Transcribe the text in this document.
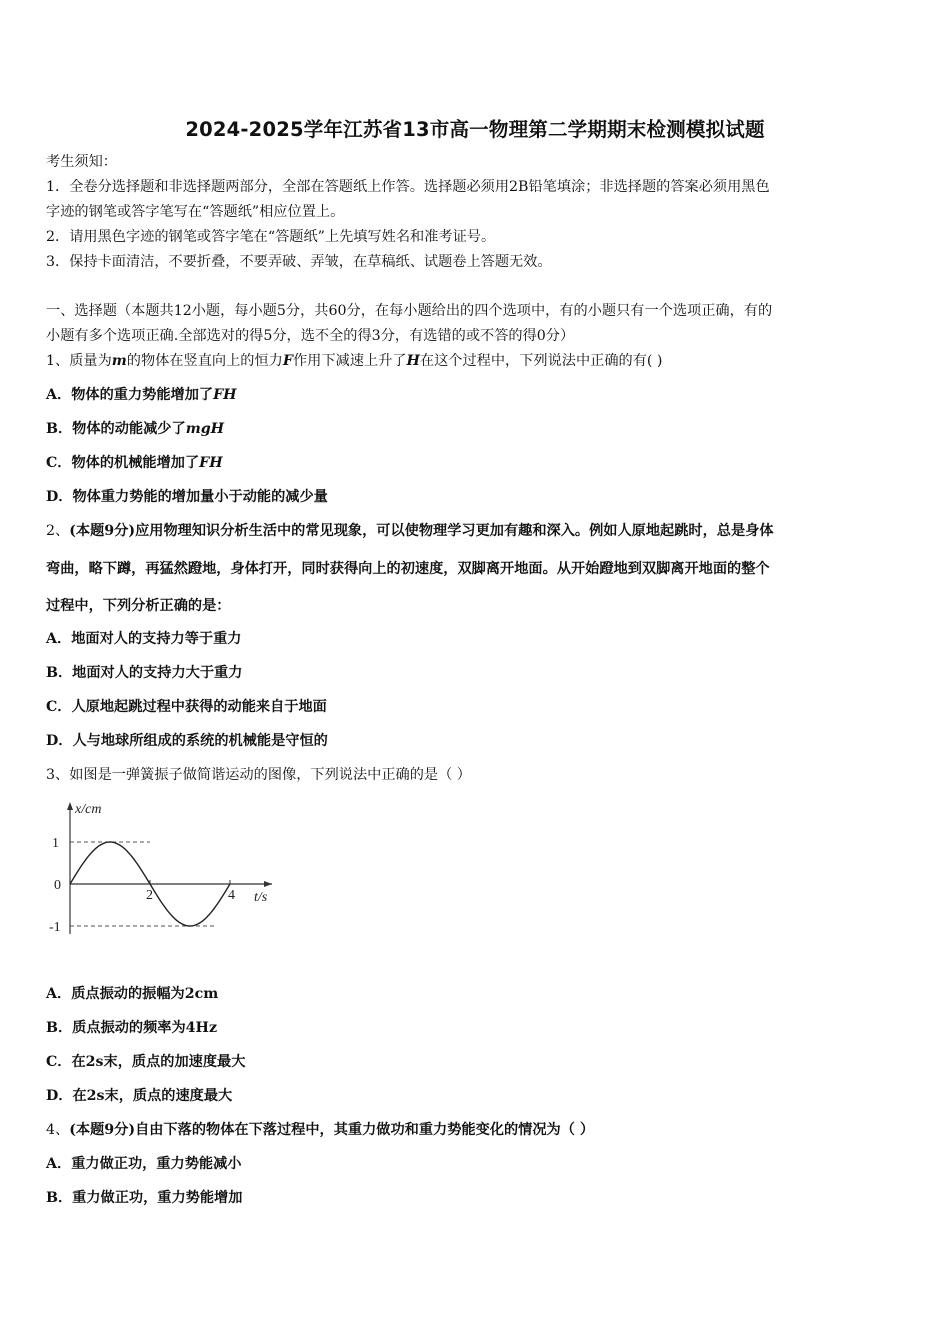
2024-2025学年江苏省13市高一物理第二学期期末检测模拟试题
考生须知：
1．全卷分选择题和非选择题两部分，全部在答题纸上作答。选择题必须用2B铅笔填涂；非选择题的答案必须用黑色
字迹的钢笔或答字笔写在“答题纸”相应位置上。
2．请用黑色字迹的钢笔或答字笔在“答题纸”上先填写姓名和准考证号。
3．保持卡面清洁，不要折叠，不要弄破、弄皱，在草稿纸、试题卷上答题无效。
一、选择题（本题共12小题，每小题5分，共60分，在每小题给出的四个选项中，有的小题只有一个选项正确，有的
小题有多个选项正确.全部选对的得5分，选不全的得3分，有选错的或不答的得0分）
1、质量为m的物体在竖直向上的恒力F作用下减速上升了H在这个过程中，下列说法中正确的有( )
A．物体的重力势能增加了FH
B．物体的动能减少了mgH
C．物体的机械能增加了FH
D．物体重力势能的增加量小于动能的减少量
2、(本题9分)应用物理知识分析生活中的常见现象，可以使物理学习更加有趣和深入。例如人原地起跳时，总是身体
弯曲，略下蹲，再猛然蹬地，身体打开，同时获得向上的初速度，双脚离开地面。从开始蹬地到双脚离开地面的整个
过程中，下列分析正确的是：
A．地面对人的支持力等于重力
B．地面对人的支持力大于重力
C．人原地起跳过程中获得的动能来自于地面
D．人与地球所组成的系统的机械能是守恒的
3、如图是一弹簧振子做简谐运动的图像，下列说法中正确的是（ ）
2	4
1
0
-1
x/cm
t/s
A．质点振动的振幅为2cm
B．质点振动的频率为4Hz
C．在2s末，质点的加速度最大
D．在2s末，质点的速度最大
4、(本题9分)自由下落的物体在下落过程中，其重力做功和重力势能变化的情况为（ ）
A．重力做正功，重力势能减小
B．重力做正功，重力势能增加
